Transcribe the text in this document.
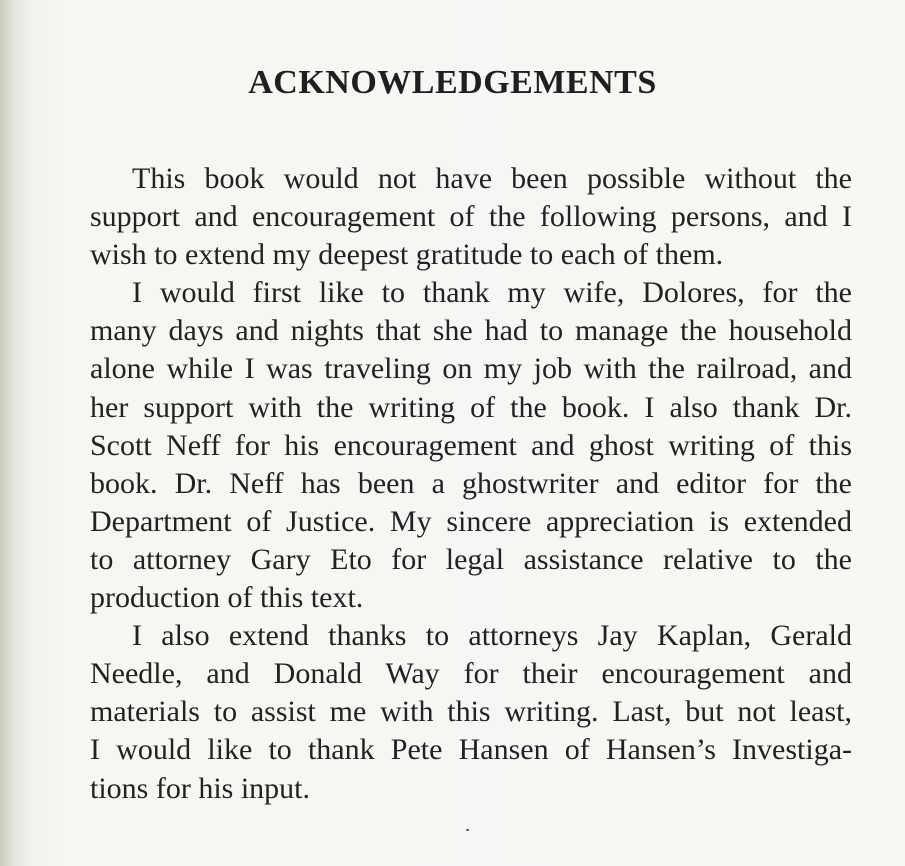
ACKNOWLEDGEMENTS
This book would not have been possible without the
support and encouragement of the following persons, and I
wish to extend my deepest gratitude to each of them.
I would first like to thank my wife, Dolores, for the
many days and nights that she had to manage the household
alone while I was traveling on my job with the railroad, and
her support with the writing of the book. I also thank Dr.
Scott Neff for his encouragement and ghost writing of this
book. Dr. Neff has been a ghostwriter and editor for the
Department of Justice. My sincere appreciation is extended
to attorney Gary Eto for legal assistance relative to the
production of this text.
I also extend thanks to attorneys Jay Kaplan, Gerald
Needle, and Donald Way for their encouragement and
materials to assist me with this writing. Last, but not least,
I would like to thank Pete Hansen of Hansen’s Investiga-
tions for his input.
